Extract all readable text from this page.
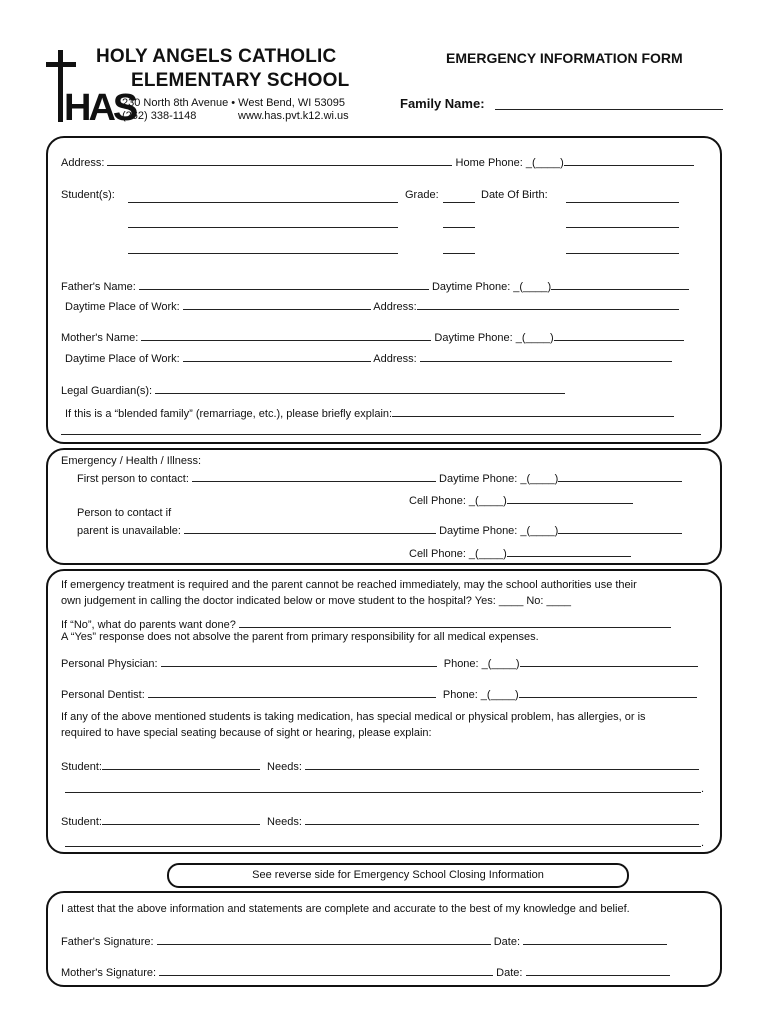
HAS
HOLY ANGELS CATHOLIC
ELEMENTARY SCHOOL
230 North 8th Avenue • West Bend, WI 53095
(262) 338-1148	www.has.pvt.k12.wi.us
EMERGENCY INFORMATION FORM
Family Name:
Address:	Home Phone: _(____)
Student(s):	Grade:	Date Of Birth:
Father's Name:	Daytime Phone: _(____)
Daytime Place of Work:	Address:
Mother's Name:	Daytime Phone: _(____)
Daytime Place of Work:	Address:
Legal Guardian(s):
If this is a “blended family” (remarriage, etc.), please briefly explain:
Emergency / Health / Illness:
First person to contact:	Daytime Phone: _(____)
Cell Phone: _(____)
Person to contact if
parent is unavailable:	Daytime Phone: _(____)
Cell Phone: _(____)
If emergency treatment is required and the parent cannot be reached immediately, may the school authorities use their
own judgement in calling the doctor indicated below or move student to the hospital? Yes: ____ No: ____
If “No”, what do parents want done?
A “Yes” response does not absolve the parent from primary responsibility for all medical expenses.
Personal Physician:	Phone: _(____)
Personal Dentist:	Phone: _(____)
If any of the above mentioned students is taking medication, has special medical or physical problem, has allergies, or is
required to have special seating because of sight or hearing, please explain:
Student:	Needs:
.
Student:	Needs:
.
See reverse side for Emergency School Closing Information
I attest that the above information and statements are complete and accurate to the best of my knowledge and belief.
Father's Signature:	Date:
Mother's Signature:	Date:
